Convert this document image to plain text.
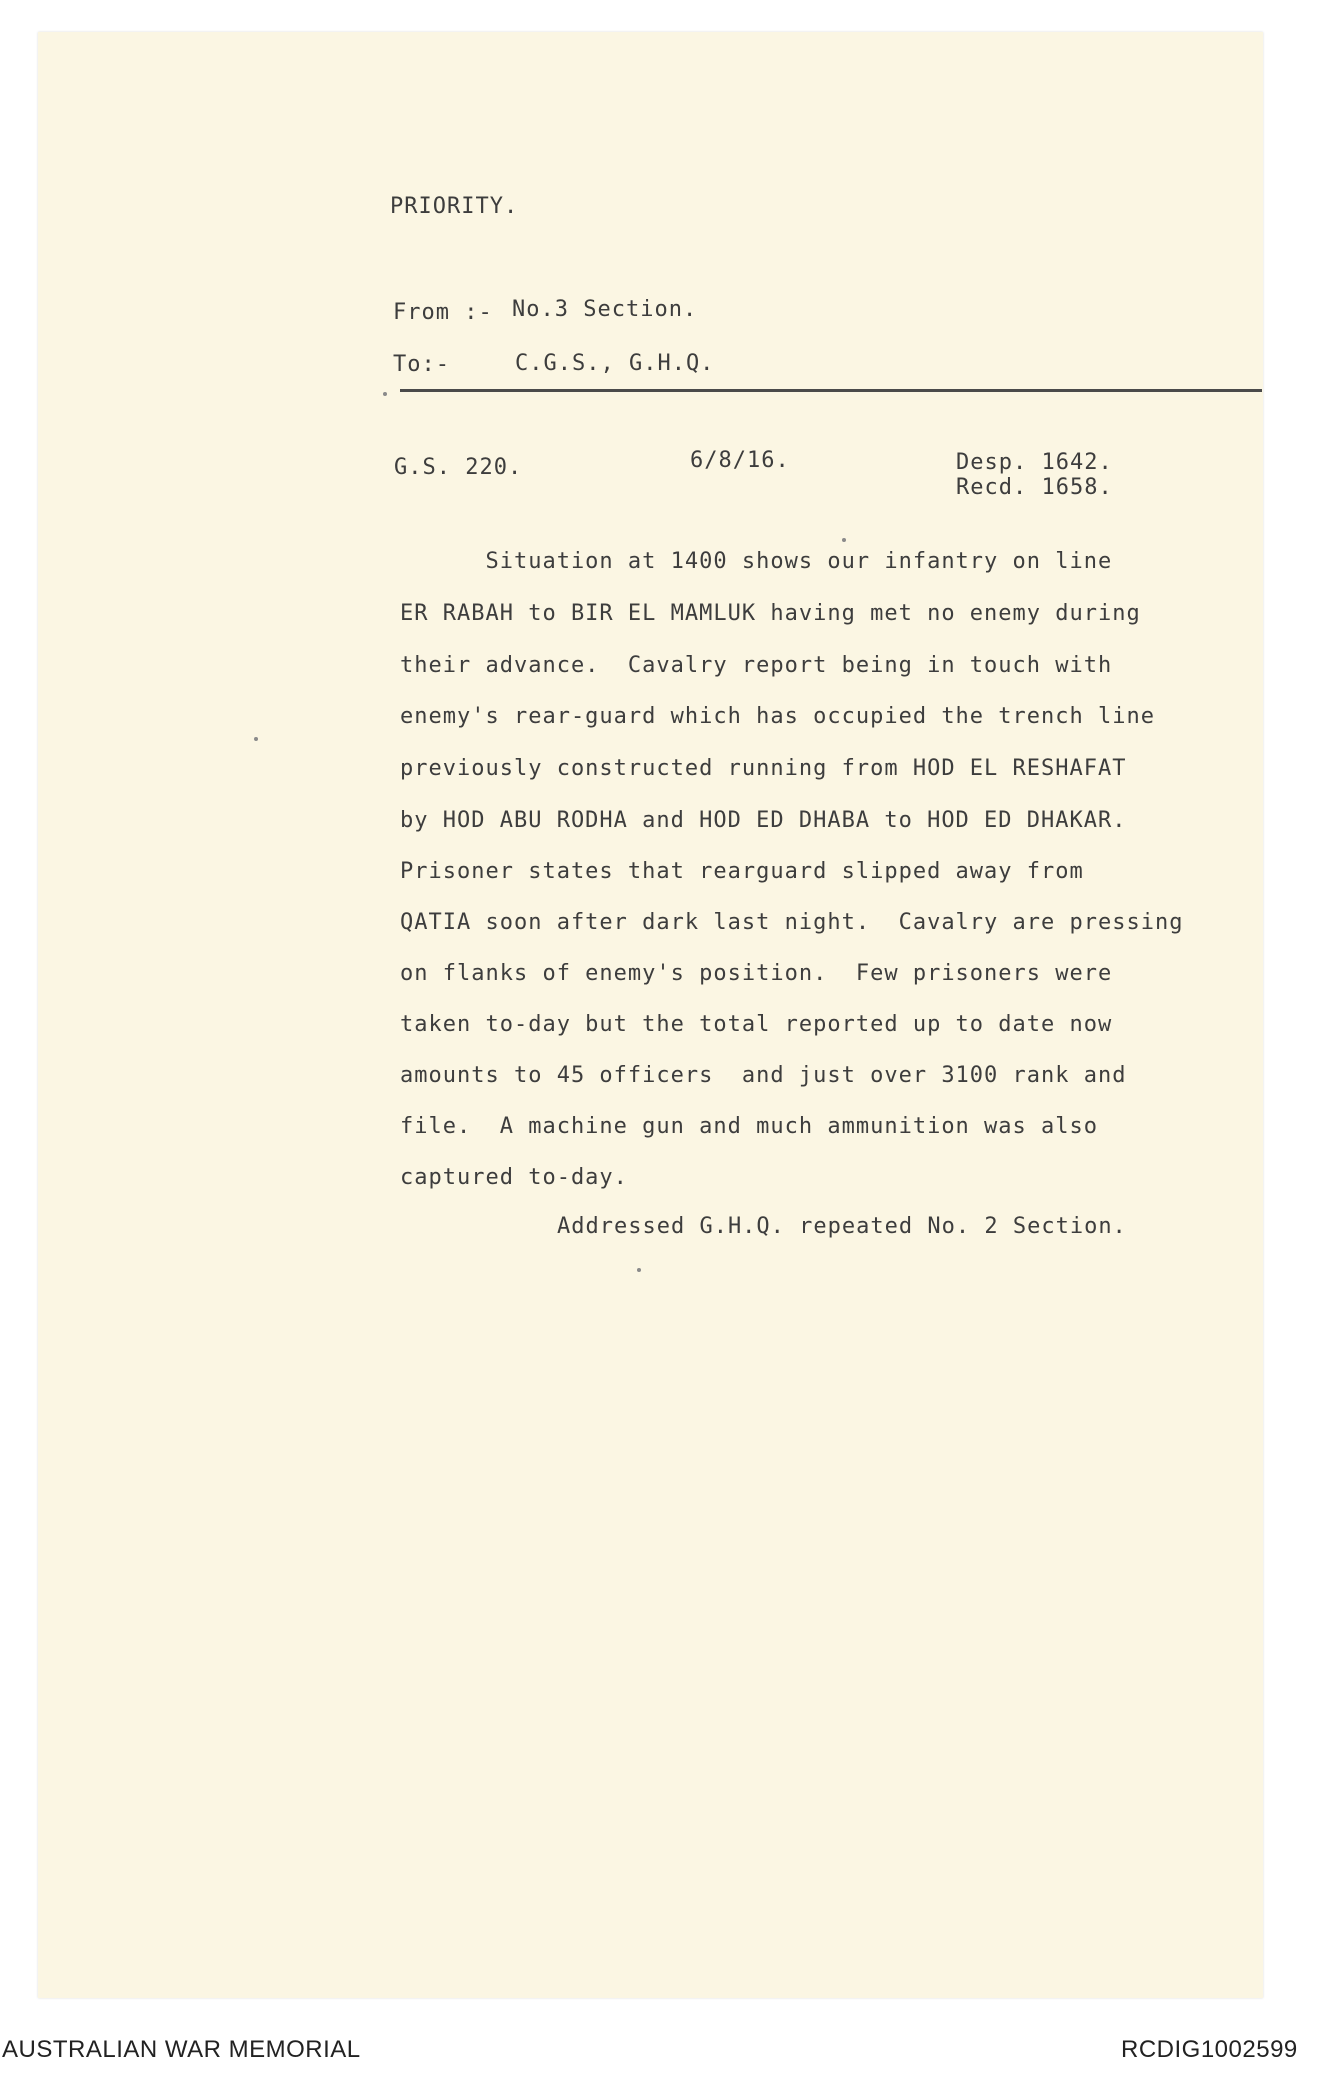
PRIORITY.
From :- No.3 Section.
To:-	C.G.S., G.H.Q.
G.S. 220.	6/8/16.	Desp. 1642.
Recd. 1658.
Situation at 1400 shows our infantry on line
ER RABAH to BIR EL MAMLUK having met no enemy during
their advance.  Cavalry report being in touch with
enemy's rear-guard which has occupied the trench line
previously constructed running from HOD EL RESHAFAT
by HOD ABU RODHA and HOD ED DHABA to HOD ED DHAKAR.
Prisoner states that rearguard slipped away from
QATIA soon after dark last night.  Cavalry are pressing
on flanks of enemy's position.  Few prisoners were
taken to-day but the total reported up to date now
amounts to 45 officers  and just over 3100 rank and
file.  A machine gun and much ammunition was also
captured to-day.
Addressed G.H.Q. repeated No. 2 Section.
AUSTRALIAN WAR MEMORIAL	RCDIG1002599
